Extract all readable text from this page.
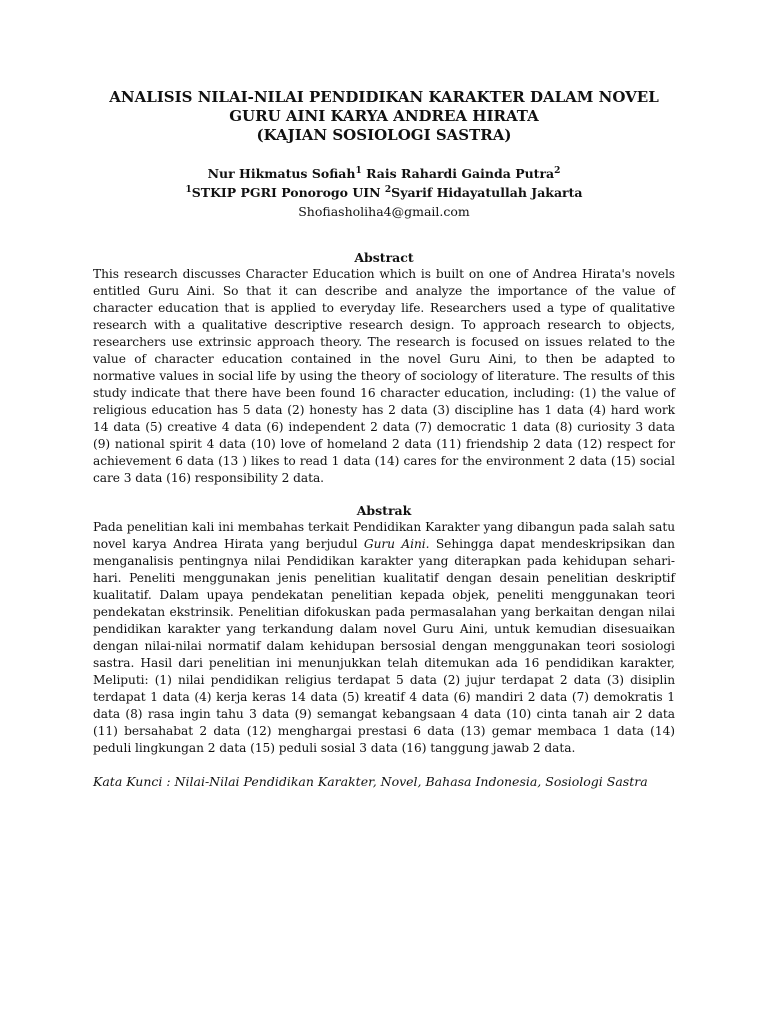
ANALISIS NILAI-NILAI PENDIDIKAN KARAKTER DALAM NOVEL
GURU AINI KARYA ANDREA HIRATA
(KAJIAN SOSIOLOGI SASTRA)
Nur Hikmatus Sofiah$^1$ Rais Rahardi Gainda Putra$^2$
$^1$STKIP PGRI Ponorogo UIN $^2$Syarif Hidayatullah Jakarta
Shofiasholiha4@gmail.com
Abstract

This research discusses Character Education which is built on one of Andrea Hirata's novels entitled Guru Aini. So that it can describe and analyze the importance of the value of character education that is applied to everyday life. Researchers used a type of qualitative research with a qualitative descriptive research design. To approach research to objects, researchers use extrinsic approach theory. The research is focused on issues related to the value of character education contained in the novel Guru Aini, to then be adapted to normative values in social life by using the theory of sociology of literature. The results of this study indicate that there have been found 16 character education, including: (1) the value of religious education has 5 data (2) honesty has 2 data (3) discipline has 1 data (4) hard work 14 data (5) creative 4 data (6) independent 2 data (7) democratic 1 data (8) curiosity 3 data (9) national spirit 4 data (10) love of homeland 2 data (11) friendship 2 data (12) respect for achievement 6 data (13 ) likes to read 1 data (14) cares for the environment 2 data (15) social care 3 data (16) responsibility 2 data.

Abstrak

Pada penelitian kali ini membahas terkait Pendidikan Karakter yang dibangun pada salah satu novel karya Andrea Hirata yang berjudul Guru Aini. Sehingga dapat mendeskripsikan dan menganalisis pentingnya nilai Pendidikan karakter yang diterapkan pada kehidupan sehari-hari. Peneliti menggunakan jenis penelitian kualitatif dengan desain penelitian deskriptif kualitatif. Dalam upaya pendekatan penelitian kepada objek, peneliti menggunakan teori pendekatan ekstrinsik. Penelitian difokuskan pada permasalahan yang berkaitan dengan nilai pendidikan karakter yang terkandung dalam novel Guru Aini, untuk kemudian disesuaikan dengan nilai-nilai normatif dalam kehidupan bersosial dengan menggunakan teori sosiologi sastra. Hasil dari penelitian ini menunjukkan telah ditemukan ada 16 pendidikan karakter, Meliputi: (1) nilai pendidikan religius terdapat 5 data (2) jujur terdapat 2 data (3) disiplin terdapat 1 data (4) kerja keras 14 data (5) kreatif 4 data (6) mandiri 2 data (7) demokratis 1 data (8) rasa ingin tahu 3 data (9) semangat kebangsaan 4 data (10) cinta tanah air 2 data (11) bersahabat 2 data (12) menghargai prestasi 6 data (13) gemar membaca 1 data (14) peduli lingkungan 2 data (15) peduli sosial 3 data (16) tanggung jawab 2 data.

Kata Kunci : Nilai-Nilai Pendidikan Karakter, Novel, Bahasa Indonesia, Sosiologi Sastra
